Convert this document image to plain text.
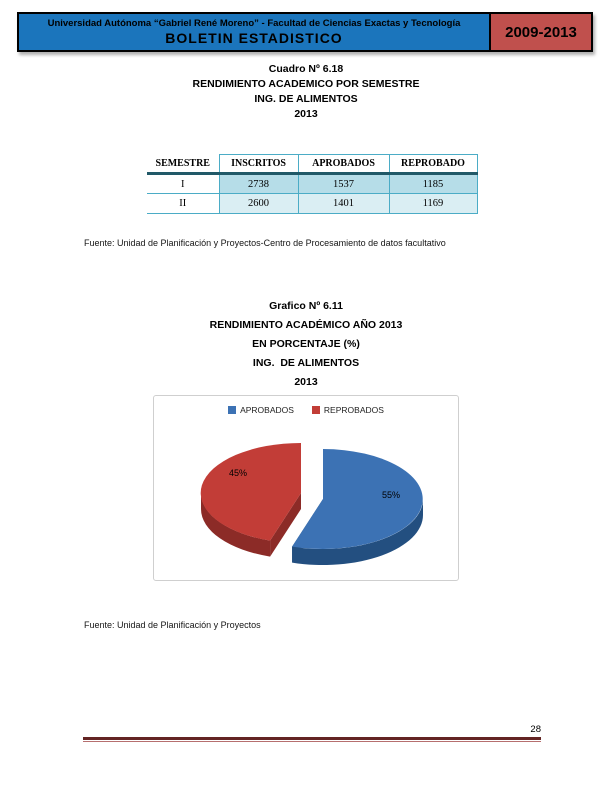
Universidad Autónoma “Gabriel René Moreno” - Facultad de Ciencias Exactas y Tecnología
BOLETIN ESTADISTICO	2009-2013
Cuadro Nº 6.18
RENDIMIENTO ACADEMICO POR SEMESTRE
ING. DE ALIMENTOS
2013
SEMESTRE	INSCRITOS	APROBADOS	REPROBADO
I	2738	1537	1185
II	2600	1401	1169
Fuente: Unidad de Planificación y Proyectos-Centro de Procesamiento de datos facultativo
Grafico Nº 6.11
RENDIMIENTO ACADÉMICO AÑO 2013
EN PORCENTAJE (%)
ING.  DE ALIMENTOS
2013
APROBADOS	REPROBADOS
45%
55%
Fuente: Unidad de Planificación y Proyectos
28
